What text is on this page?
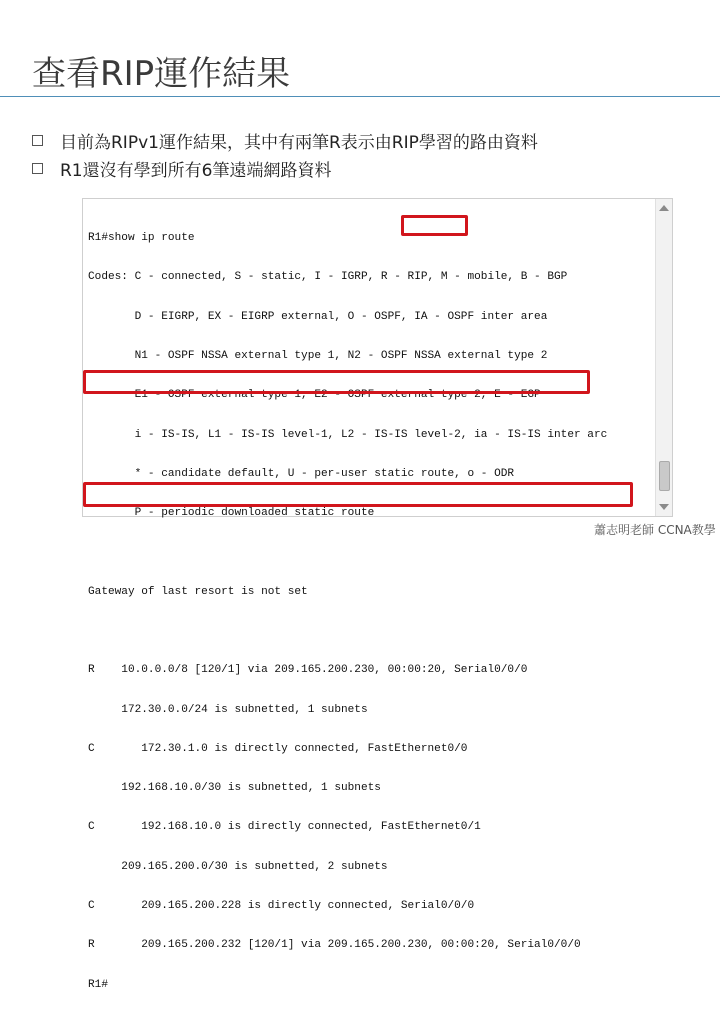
查看RIP運作結果
目前為RIPv1運作結果，其中有兩筆R表示由RIP學習的路由資料
R1還沒有學到所有6筆遠端網路資料

R1#show ip route

Codes: C - connected, S - static, I - IGRP, R - RIP, M - mobile, B - BGP

D - EIGRP, EX - EIGRP external, O - OSPF, IA - OSPF inter area

N1 - OSPF NSSA external type 1, N2 - OSPF NSSA external type 2

E1 - OSPF external type 1, E2 - OSPF external type 2, E - EGP

i - IS-IS, L1 - IS-IS level-1, L2 - IS-IS level-2, ia - IS-IS inter arc

* - candidate default, U - per-user static route, o - ODR

P - periodic downloaded static route

Gateway of last resort is not set

R    10.0.0.0/8 [120/1] via 209.165.200.230, 00:00:20, Serial0/0/0

172.30.0.0/24 is subnetted, 1 subnets

C       172.30.1.0 is directly connected, FastEthernet0/0

192.168.10.0/30 is subnetted, 1 subnets

C       192.168.10.0 is directly connected, FastEthernet0/1

209.165.200.0/30 is subnetted, 2 subnets

C       209.165.200.228 is directly connected, Serial0/0/0

R       209.165.200.232 [120/1] via 209.165.200.230, 00:00:20, Serial0/0/0

R1#

蕭志明老師 CCNA教學
